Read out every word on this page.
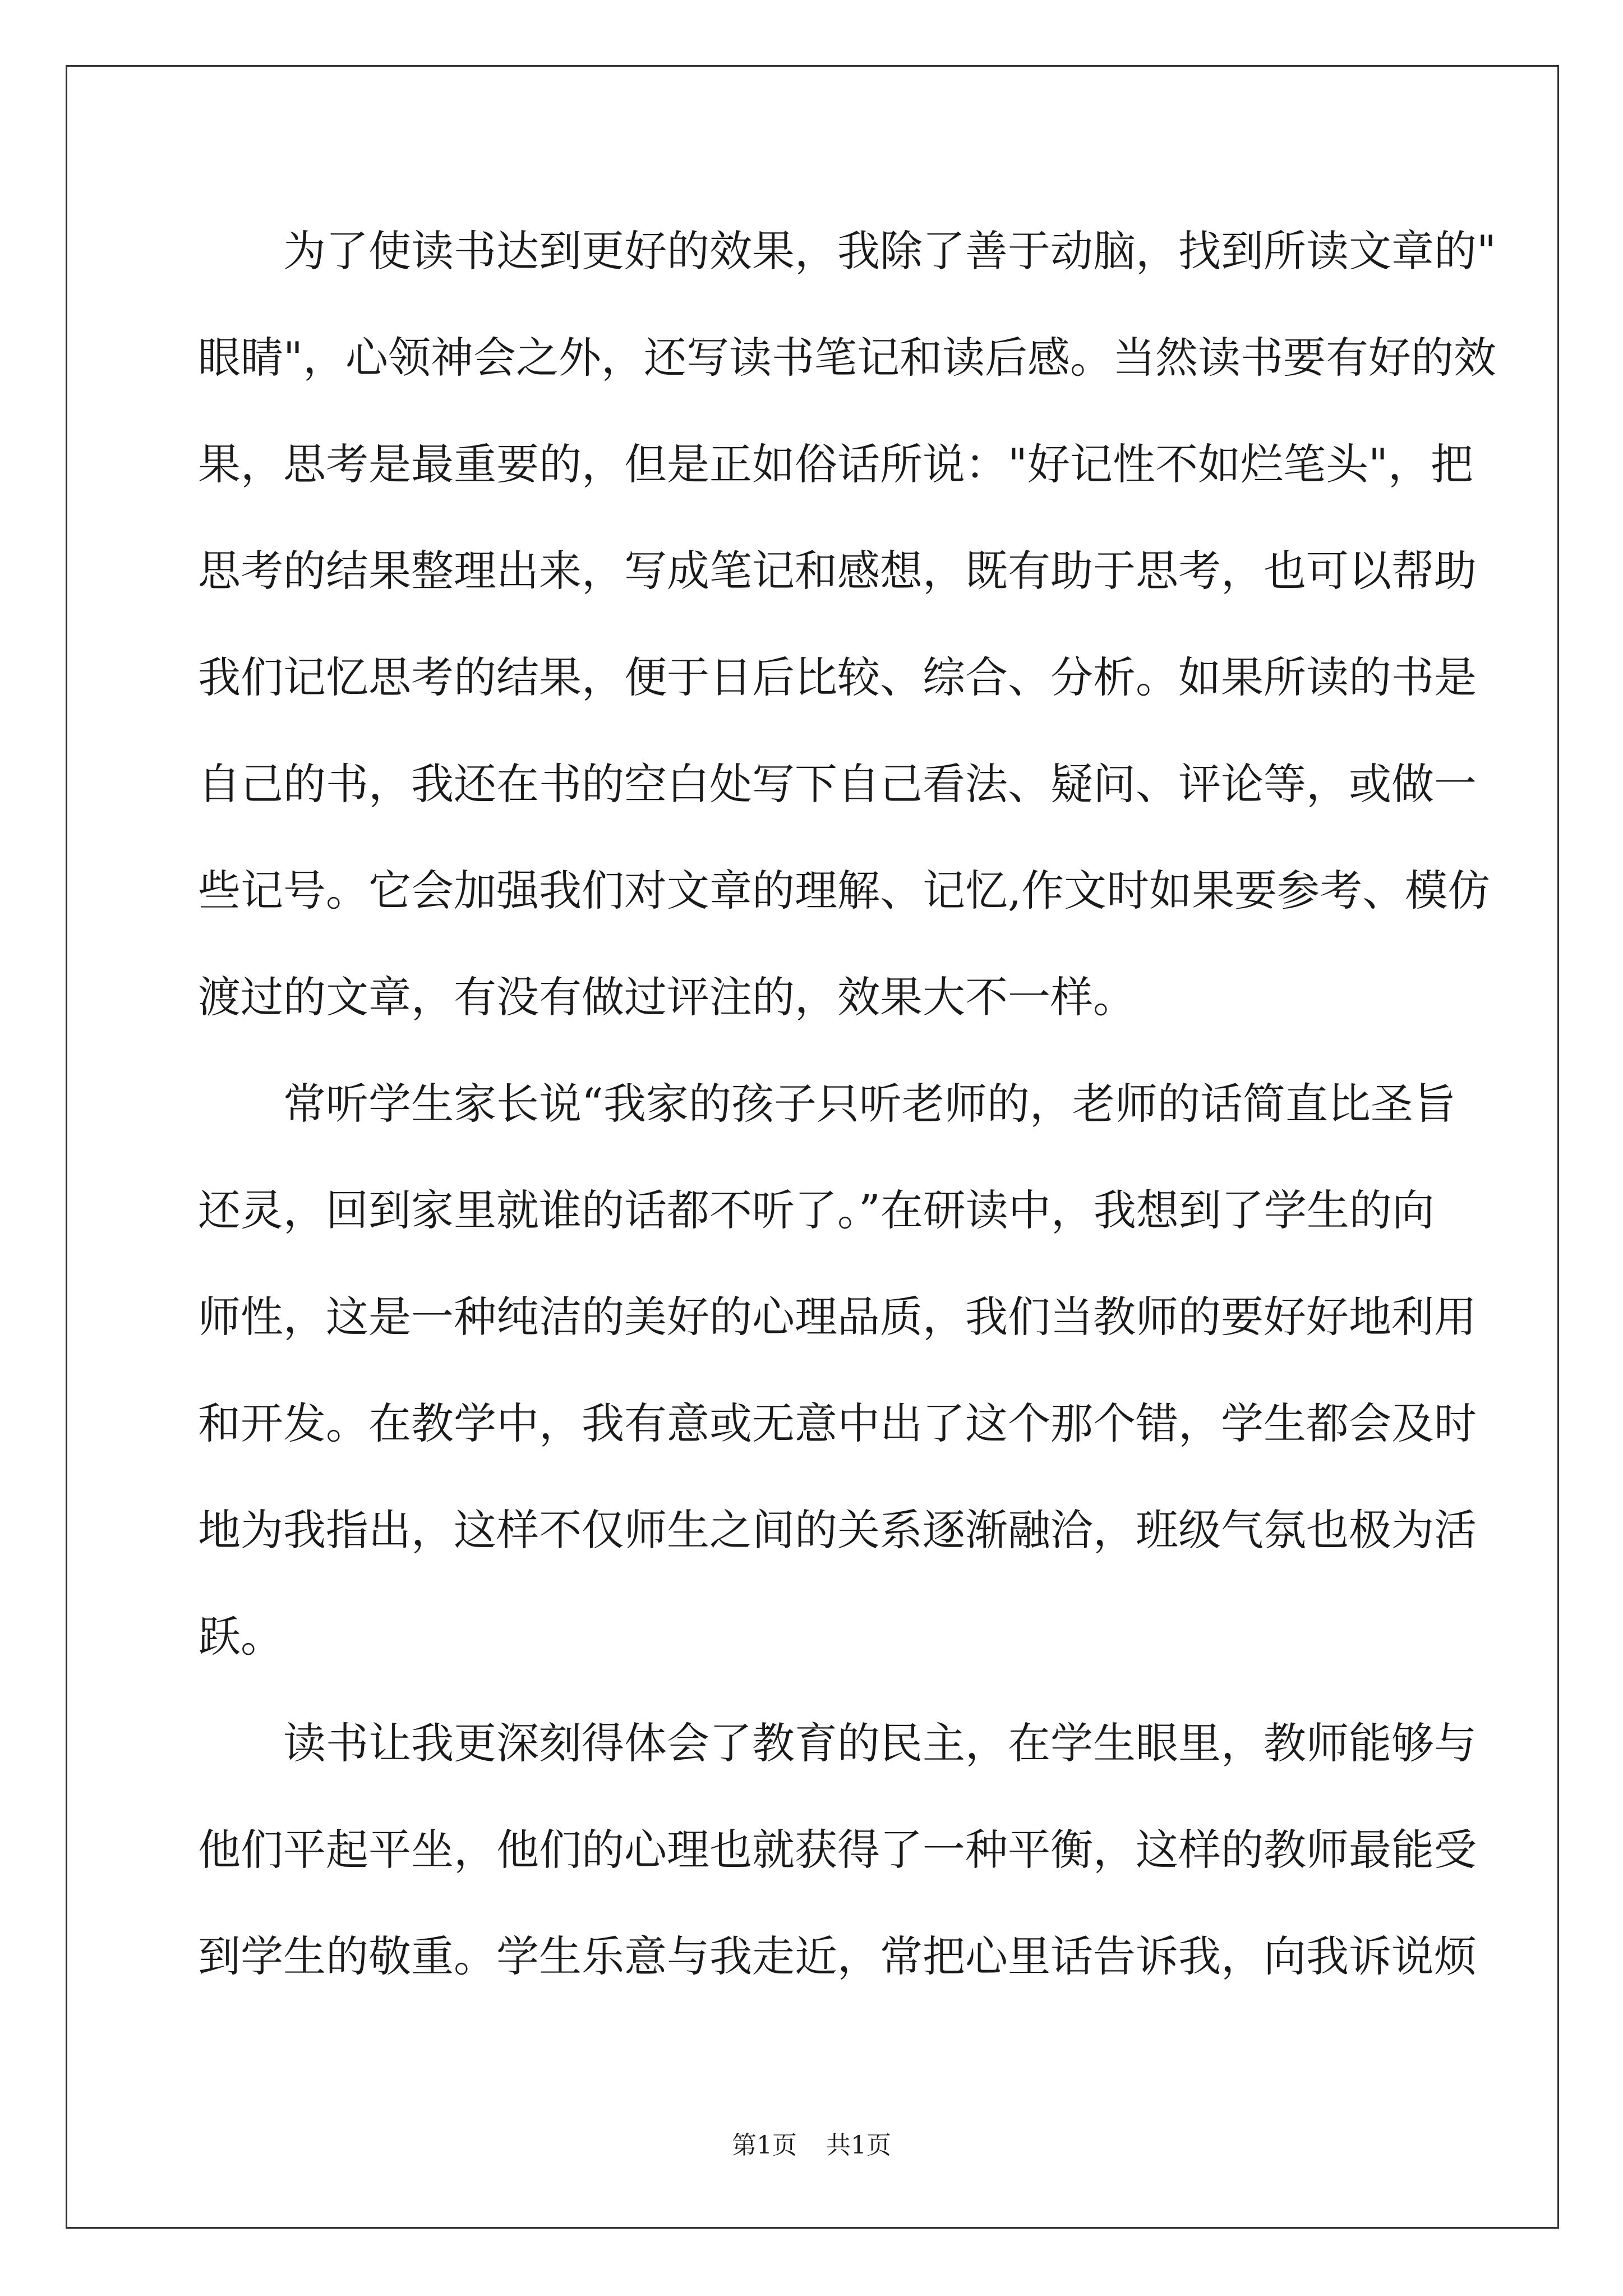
为了使读书达到更好的效果，我除了善于动脑，找到所读文章的"
眼睛"，心领神会之外，还写读书笔记和读后感。当然读书要有好的效
果，思考是最重要的，但是正如俗话所说："好记性不如烂笔头"，把
思考的结果整理出来，写成笔记和感想，既有助于思考，也可以帮助
我们记忆思考的结果，便于日后比较、综合、分析。如果所读的书是
自己的书，我还在书的空白处写下自己看法、疑问、评论等，或做一
些记号。它会加强我们对文章的理解、记忆,作文时如果要参考、模仿
渡过的文章，有没有做过评注的，效果大不一样。
常听学生家长说“我家的孩子只听老师的，老师的话简直比圣旨
还灵，回到家里就谁的话都不听了。”在研读中，我想到了学生的向
师性，这是一种纯洁的美好的心理品质，我们当教师的要好好地利用
和开发。在教学中，我有意或无意中出了这个那个错，学生都会及时
地为我指出，这样不仅师生之间的关系逐渐融洽，班级气氛也极为活
跃。
读书让我更深刻得体会了教育的民主，在学生眼里，教师能够与
他们平起平坐，他们的心理也就获得了一种平衡，这样的教师最能受
到学生的敬重。学生乐意与我走近，常把心里话告诉我，向我诉说烦
第1页 共1页
